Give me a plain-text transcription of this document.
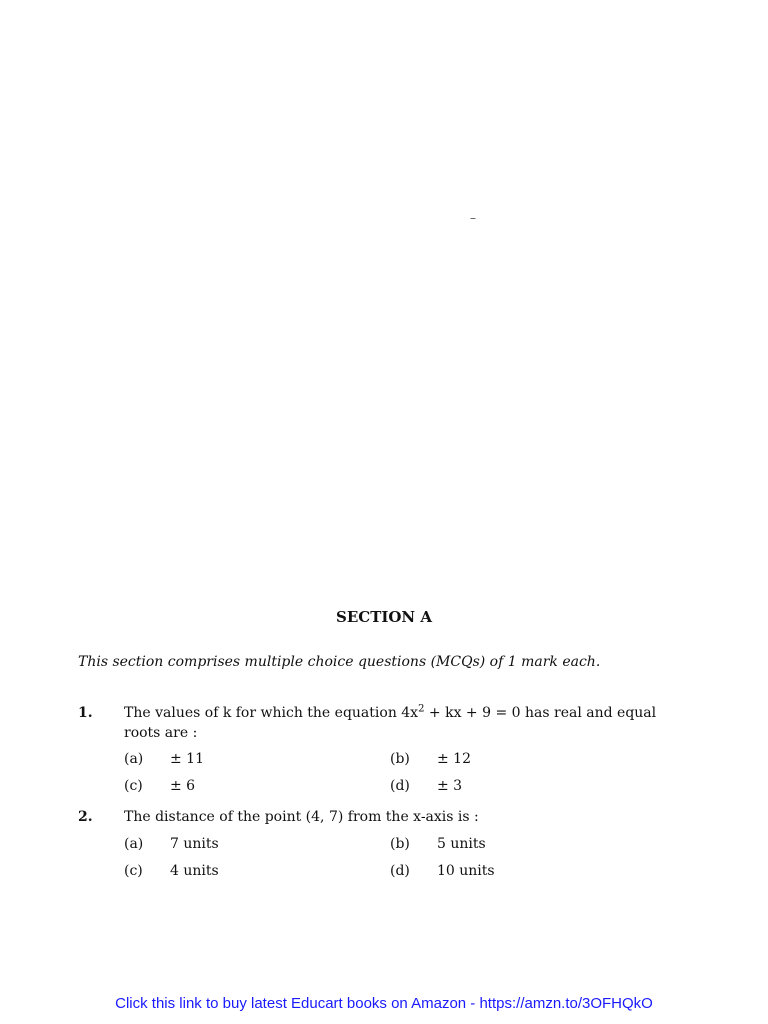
–
SECTION A
This section comprises multiple choice questions (MCQs) of 1 mark each.
1. The values of k for which the equation $4x^2$ + kx + 9 = 0 has real and equal
roots are :
(a) ± 11	(b) ± 12
(c) ± 6	(d) ± 3
2. The distance of the point (4, 7) from the x-axis is :
(a) 7 units	(b) 5 units
(c) 4 units	(d) 10 units
Click this link to buy latest Educart books on Amazon - https://amzn.to/3OFHQkO
